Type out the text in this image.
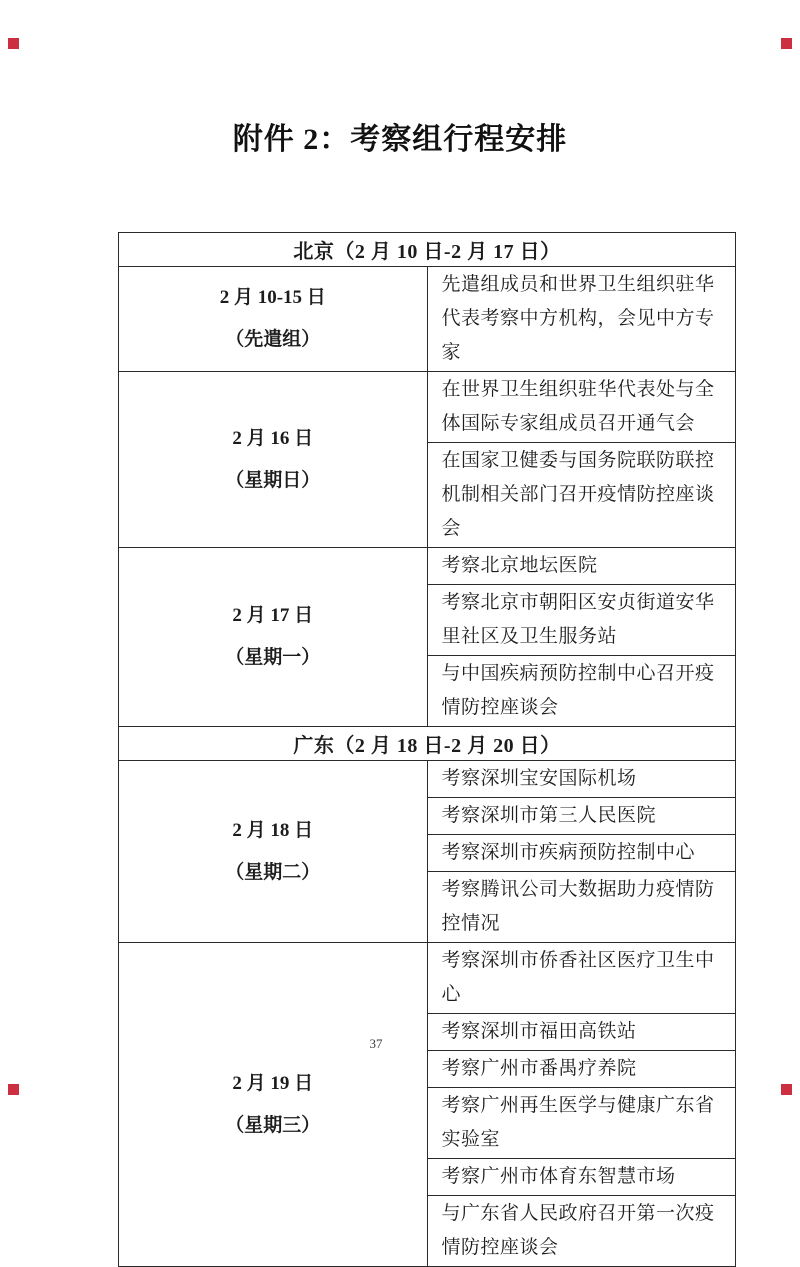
附件 2：考察组行程安排
北京（2 月 10 日-2 月 17 日）	

2 月 10-15 日
（先遣组）	先遣组成员和世界卫生组织驻华代表考察中方机构，会见中方专家

2 月 16 日
（星期日）	在世界卫生组织驻华代表处与全体国际专家组成员召开通气会
	在国家卫健委与国务院联防联控机制相关部门召开疫情防控座谈会

2 月 17 日
（星期一）	考察北京地坛医院
	考察北京市朝阳区安贞街道安华里社区及卫生服务站
	与中国疾病预防控制中心召开疫情防控座谈会
广东（2 月 18 日-2 月 20 日）	

2 月 18 日
（星期二）	考察深圳宝安国际机场
	考察深圳市第三人民医院
	考察深圳市疾病预防控制中心
	考察腾讯公司大数据助力疫情防控情况

2 月 19 日
（星期三）	考察深圳市侨香社区医疗卫生中心
	考察深圳市福田高铁站
	考察广州市番禺疗养院
	考察广州再生医学与健康广东省实验室
	考察广州市体育东智慧市场
	与广东省人民政府召开第一次疫情防控座谈会
37
